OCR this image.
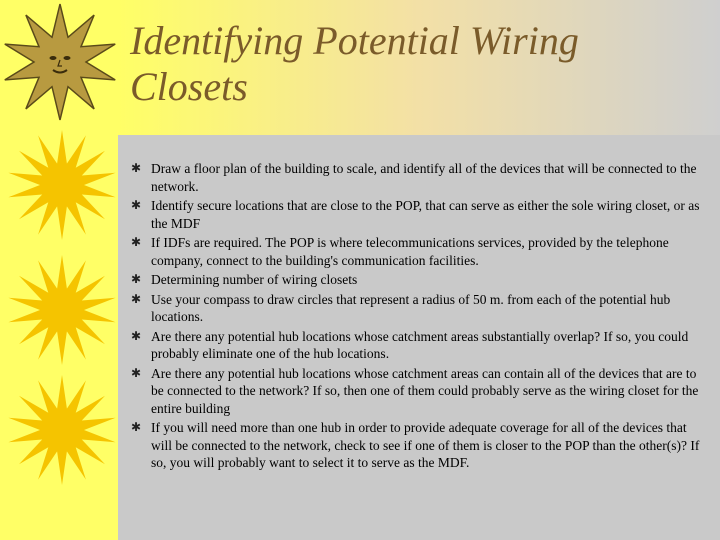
Identifying Potential Wiring Closets
✱ Draw a floor plan of the building to scale, and identify all of the devices that will be connected to the network.
✱ Identify secure locations that are close to the POP, that can serve as either the sole wiring closet, or as the MDF
✱ If IDFs are required. The POP is where telecommunications services, provided by the telephone company, connect to the building's communication facilities.
✱ Determining number of wiring closets
✱ Use your compass to draw circles that represent a radius of 50 m. from each of the potential hub locations.
✱ Are there any potential hub locations whose catchment areas substantially overlap? If so, you could probably eliminate one of the hub locations.
✱ Are there any potential hub locations whose catchment areas can contain all of the devices that are to be connected to the network? If so, then one of them could probably serve as the wiring closet for the entire building
✱ If you will need more than one hub in order to provide adequate coverage for all of the devices that will be connected to the network, check to see if one of them is closer to the POP than the other(s)? If so, you will probably want to select it to serve as the MDF.
